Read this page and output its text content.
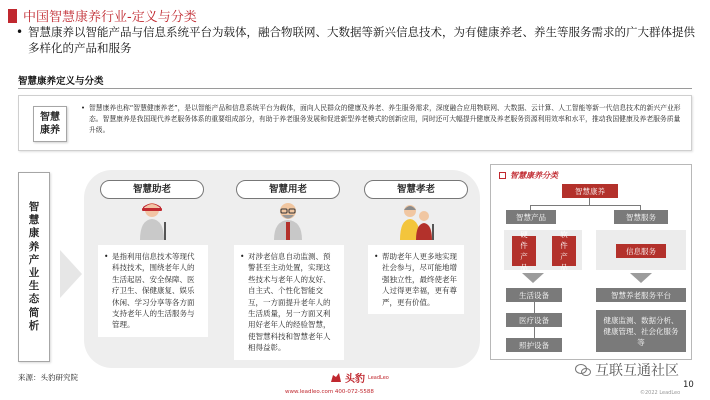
中国智慧康养行业-定义与分类
• 智慧康养以智能产品与信息系统平台为载体，融合物联网、大数据等新兴信息技术，为有健康养老、养生等服务需求的广大群体提供多样化的产品和服务
智慧康养定义与分类
智慧康养
• 智慧康养也称“智慧健康养老”，是以智能产品和信息系统平台为载体，面向人民群众的健康及养老、养生服务需求，深度融合应用物联网、大数据、云计算、人工智能等新一代信息技术的新兴产业形态。智慧康养是我国现代养老服务体系的重要组成部分，有助于养老服务发展和促进新型养老模式的创新应用，同时还可大幅提升健康及养老服务资源利用效率和水平，推动我国健康及养老服务质量升级。
智慧康养产业生态简析
智慧助老
• 是指利用信息技术等现代科技技术，围绕老年人的生活起居、安全保障、医疗卫生、保健康复、娱乐休闲、学习分享等各方面支持老年人的生活服务与管理。
智慧用老
• 对涉老信息自动监测、预警甚至主动处置，实现这些技术与老年人的友好、自主式、个性化智能交互，一方面提升老年人的生活质量，另一方面又利用好老年人的经验智慧，使智慧科技和智慧老年人相得益彰。
智慧孝老
• 帮助老年人更多地实现社会参与，尽可能地增强独立性，最终使老年人过得更幸福，更有尊严，更有价值。
智慧康养分类
智慧康养
智慧产品	智慧服务
硬件产品
软件产品
信息服务
生活设备
医疗设备
照护设备
智慧养老服务平台
健康监测、数据分析、健康管理、社会化服务等
来源：头豹研究院	头豹 LeadLeo
www.leadleo.com 400-072-5588
互联互通社区
©2022 LeadLeo
10
